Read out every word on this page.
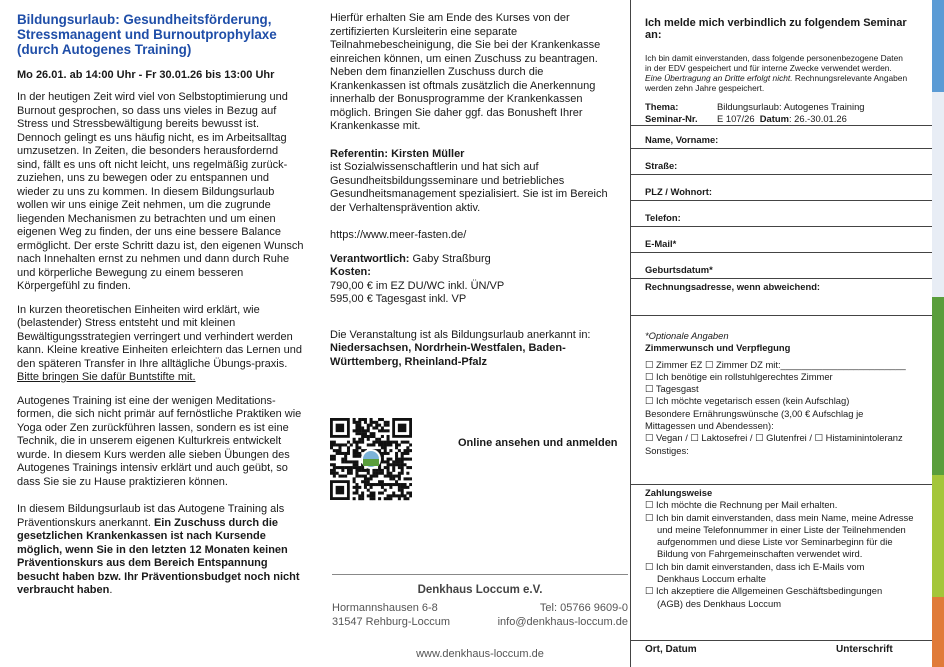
Bildungsurlaub: Gesundheitsförderung, Stressmanagent und Burnoutprophylaxe (durch Autogenes Training)
Mo 26.01. ab 14:00 Uhr - Fr 30.01.26 bis 13:00 Uhr
In der heutigen Zeit wird viel von Selbstoptimierung und Burnout gesprochen, so dass uns vieles in Bezug auf Stress und Stressbewältigung bereits bewusst ist. Dennoch gelingt es uns häufig nicht, es im Arbeitsalltag umzusetzen. In Zeiten, die besonders herausfordernd sind, fällt es uns oft nicht leicht, uns regelmäßig zurück-zuziehen, uns zu bewegen oder zu entspannen und wieder zu uns zu kommen. In diesem Bildungsurlaub wollen wir uns einige Zeit nehmen, um die zugrunde liegenden Mechanismen zu betrachten und um einen eigenen Weg zu finden, der uns eine bessere Balance ermöglicht. Der erste Schritt dazu ist, den eigenen Wunsch nach Innehalten ernst zu nehmen und dann durch Ruhe und körperliche Bewegung zu einem besseren
Körpergefühl zu finden.
In kurzen theoretischen Einheiten wird erklärt, wie (belastender) Stress entsteht und mit kleinen Bewältigungsstrategien verringert und verhindert werden kann. Kleine kreative Einheiten erleichtern das Lernen und den späteren Transfer in Ihre alltägliche Übungs-praxis. Bitte bringen Sie dafür Buntstifte mit.
Autogenes Training ist eine der wenigen Meditations-formen, die sich nicht primär auf fernöstliche Praktiken wie Yoga oder Zen zurückführen lassen, sondern es ist eine Technik, die in unserem eigenen Kulturkreis entwickelt wurde. In diesem Kurs werden alle sieben Übungen des Autogenes Trainings intensiv erklärt und auch geübt, so dass Sie sie zu Hause praktizieren können.
In diesem Bildungsurlaub ist das Autogene Training als Präventionskurs anerkannt. Ein Zuschuss durch die gesetzlichen Krankenkassen ist nach Kursende möglich, wenn Sie in den letzten 12 Monaten keinen Präventionskurs aus dem Bereich Entspannung besucht haben bzw. Ihr Präventionsbudget noch nicht verbraucht haben.
Hierfür erhalten Sie am Ende des Kurses von der zertifizierten Kursleiterin eine separate Teilnahmebescheinigung, die Sie bei der Krankenkasse einreichen können, um einen Zuschuss zu beantragen. Neben dem finanziellen Zuschuss durch die Krankenkassen ist oftmals zusätzlich die Anerkennung innerhalb der Bonusprogramme der Krankenkassen möglich. Bringen Sie daher ggf. das Bonusheft Ihrer Krankenkasse mit.
Referentin: Kirsten Müller
ist Sozialwissenschaftlerin und hat sich auf Gesundheitsbildungsseminare und betriebliches Gesundheitsmanagement spezialisiert. Sie ist im Bereich der Verhaltensprävention aktiv.
https://www.meer-fasten.de/
Verantwortlich: Gaby Straßburg
Kosten:
790,00 € im EZ DU/WC inkl. ÜN/VP
595,00 € Tagesgast inkl. VP
Die Veranstaltung ist als Bildungsurlaub anerkannt in: Niedersachsen, Nordrhein-Westfalen, Baden-Württemberg, Rheinland-Pfalz
Online ansehen und anmelden
Denkhaus Loccum e.V.
Hormannshausen 6-8	Tel: 05766 9609-0
31547 Rehburg-Loccum	info@denkhaus-loccum.de
www.denkhaus-loccum.de
Ich melde mich verbindlich zu folgendem Seminar an:
Ich bin damit einverstanden, dass folgende personenbezogene Daten
in der EDV gespeichert und für interne Zwecke verwendet werden.
Eine Übertragung an Dritte erfolgt nicht. Rechnungsrelevante Angaben
werden zehn Jahre gespeichert.
Thema:	Bildungsurlaub: Autogenes Training
Seminar-Nr. E 107/26 Datum: 26.-30.01.26
Name, Vorname:
Straße:
PLZ / Wohnort:
Telefon:
E-Mail*
Geburtsdatum*
Rechnungsadresse, wenn abweichend:
*Optionale Angaben
Zimmerwunsch und Verpflegung
☐ Zimmer EZ ☐ Zimmer DZ mit:________________________
☐ Ich benötige ein rollstuhlgerechtes Zimmer
☐ Tagesgast
☐ Ich möchte vegetarisch essen (kein Aufschlag)
Besondere Ernährungswünsche (3,00 € Aufschlag je
Mittagessen und Abendessen):
☐ Vegan / ☐ Laktosefrei / ☐ Glutenfrei / ☐ Histaminintoleranz
Sonstiges:
Zahlungsweise
☐ Ich möchte die Rechnung per Mail erhalten.
☐ Ich bin damit einverstanden, dass mein Name, meine Adresse
und meine Telefonnummer in einer Liste der Teilnehmenden
aufgenommen und diese Liste vor Seminarbeginn für die
Bildung von Fahrgemeinschaften verwendet wird.
☐ Ich bin damit einverstanden, dass ich E-Mails vom
Denkhaus Loccum erhalte
☐ Ich akzeptiere die Allgemeinen Geschäftsbedingungen
(AGB) des Denkhaus Loccum
Ort, Datum	Unterschrift
